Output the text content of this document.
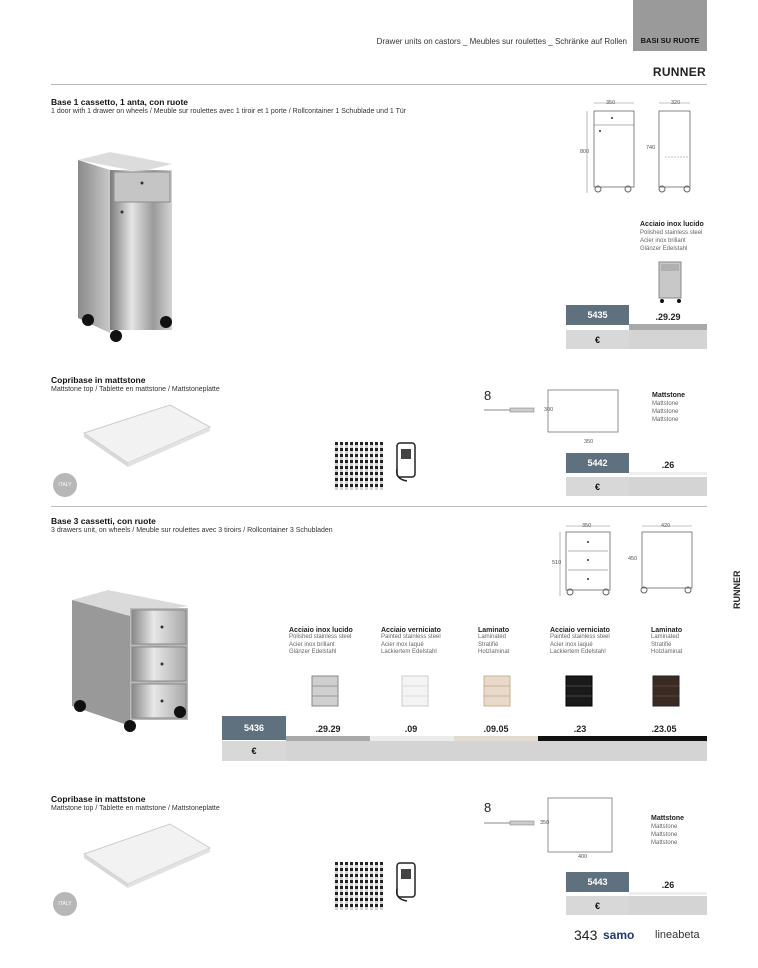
Drawer units on castors _ Meubles sur roulettes _ Schränke auf Rollen	BASI SU RUOTE
RUNNER
RUNNER
Base 1 cassetto, 1 anta, con ruote
1 door with 1 drawer on wheels / Meuble sur roulettes avec 1 tiroir et 1 porte / Rollcontainer 1 Schublade und 1 Tür
350	320
800
740
Acciaio inox lucido
Polished stainless steel
Acier inox brillant
Glänzer Edelstahl
5435	.29.29
€
Copribase in mattstone
Mattstone top / Tablette en mattstone / Mattstoneplatte
ITALY
8
300
350
Mattstone
Mattstone
Mattstone
Mattstone
5442	.26
€
Base 3 cassetti, con ruote
3 drawers unit, on wheels / Meuble sur roulettes avec 3 tiroirs / Rollcontainer 3 Schubladen
350	420
510
450
Acciaio inox lucido
Polished stainless steel
Acier inox brillant
Glänzer Edelstahl
Acciaio verniciato
Painted stainless steel
Acier inox laqué
Lackiertem Edelstahl
Laminato
Laminated
Stratifié
Holzlaminat
Acciaio verniciato
Painted stainless steel
Acier inox laqué
Lackiertem Edelstahl
Laminato
Laminated
Stratifié
Holzlaminat
5436	.29.29	.09	.09.05	.23	.23.05
€
Copribase in mattstone
Mattstone top / Tablette en mattstone / Mattstoneplatte
ITALY
8
350
400
Mattstone
Mattstone
Mattstone
Mattstone
5443	.26
€
343 samo lineabeta
